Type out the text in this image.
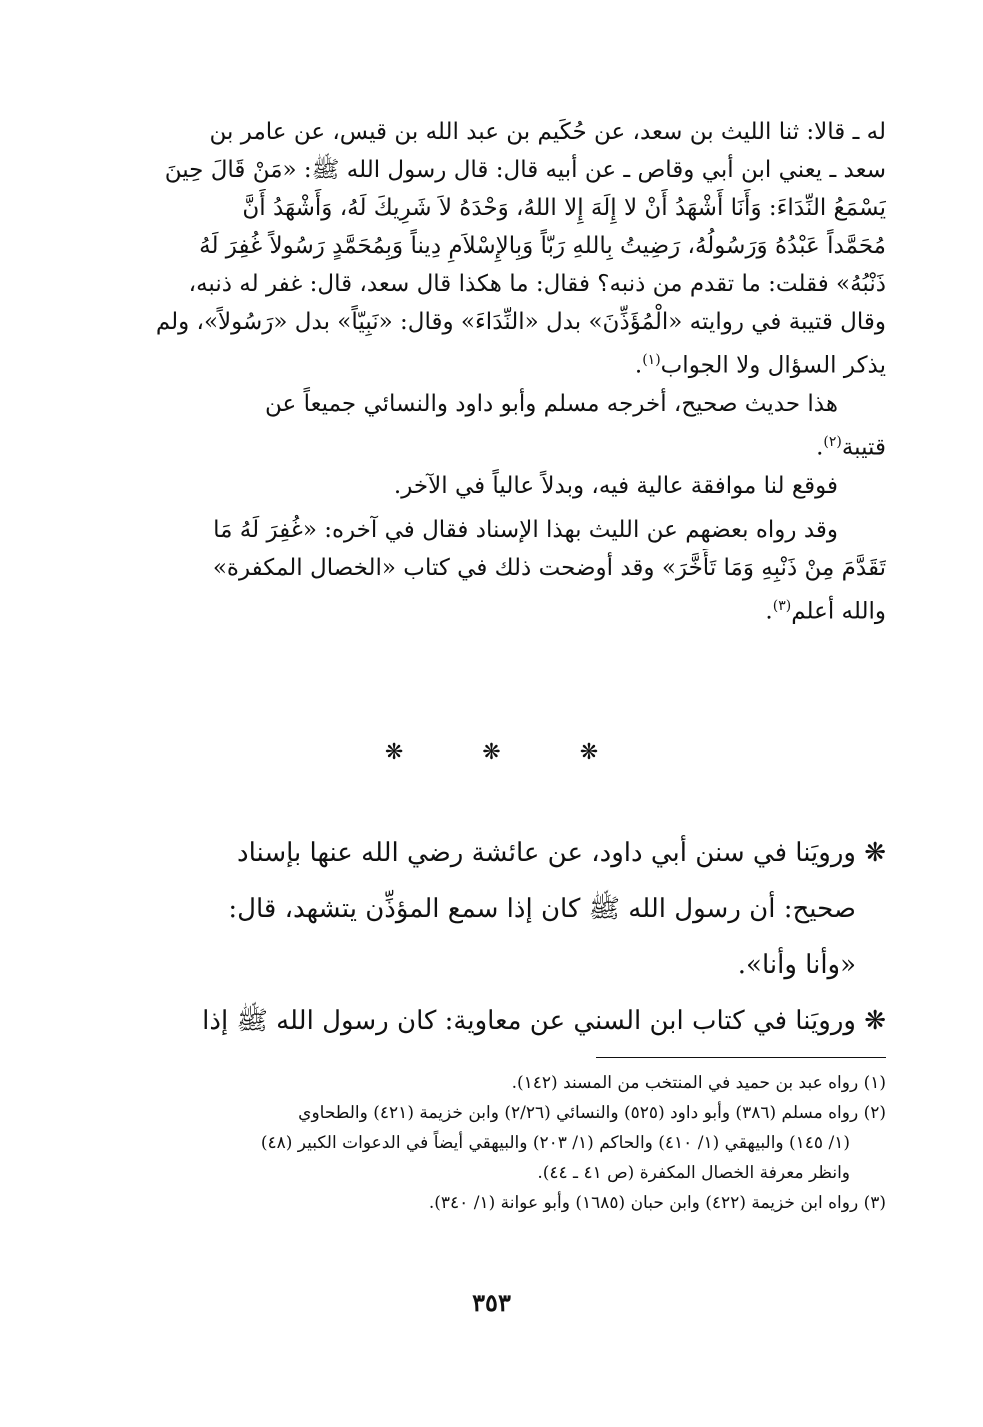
له ـ قالا: ثنا الليث بن سعد، عن حُكَيم بن عبد الله بن قيس، عن عامر بن
سعد ـ يعني ابن أبي وقاص ـ عن أبيه قال: قال رسول الله ﷺ: «مَنْ قَالَ حِينَ
يَسْمَعُ النِّدَاءَ: وَأَنَا أَشْهَدُ أَنْ لا إِلَهَ إِلا اللهُ، وَحْدَهُ لاَ شَرِيكَ لَهُ، وَأَشْهَدُ أَنَّ
مُحَمَّداً عَبْدُهُ وَرَسُولُهُ، رَضِيتُ بِاللهِ رَبّاً وَبِالإِسْلاَمِ دِيناً وَبِمُحَمَّدٍ رَسُولاً غُفِرَ لَهُ
ذَنْبُهُ» فقلت: ما تقدم من ذنبه؟ فقال: ما هكذا قال سعد، قال: غفر له ذنبه،
وقال قتيبة في روايته «الْمُؤَذِّنَ» بدل «النِّدَاءَ» وقال: «نَبِيّاً» بدل «رَسُولاً»، ولم
يذكر السؤال ولا الجواب$^{(١)}$.
هذا حديث صحيح، أخرجه مسلم وأبو داود والنسائي جميعاً عن
قتيبة$^{(٢)}$.
فوقع لنا موافقة عالية فيه، وبدلاً عالياً في الآخر.
وقد رواه بعضهم عن الليث بهذا الإسناد فقال في آخره: «غُفِرَ لَهُ مَا
تَقَدَّمَ مِنْ ذَنْبِهِ وَمَا تَأَخَّرَ» وقد أوضحت ذلك في كتاب «الخصال المكفرة»
والله أعلم$^{(٣)}$.
❋ ❋ ❋
❋ ورويَنا في سنن أبي داود، عن عائشة رضي الله عنها بإسناد
صحيح: أن رسول الله ﷺ كان إذا سمع المؤذِّن يتشهد، قال:
«وأنا وأنا».
❋ ورويَنا في كتاب ابن السني عن معاوية: كان رسول الله ﷺ إذا
(١) رواه عبد بن حميد في المنتخب من المسند (١٤٢).
(٢) رواه مسلم (٣٨٦) وأبو داود (٥٢٥) والنسائي (٢/٢٦) وابن خزيمة (٤٢١) والطحاوي
(١/ ١٤٥) والبيهقي (١/ ٤١٠) والحاكم (١/ ٢٠٣) والبيهقي أيضاً في الدعوات الكبير (٤٨)
وانظر معرفة الخصال المكفرة (ص ٤١ ـ ٤٤).
(٣) رواه ابن خزيمة (٤٢٢) وابن حبان (١٦٨٥) وأبو عوانة (١/ ٣٤٠).
٣٥٣
